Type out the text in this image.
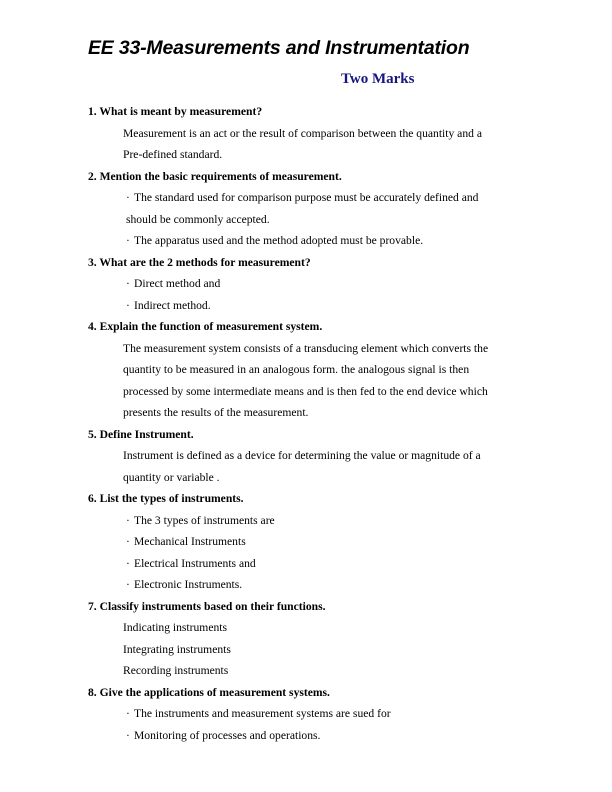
EE 33-Measurements and Instrumentation
Two Marks
1. What is meant by measurement?
Measurement is an act or the result of comparison between the quantity and a
Pre-defined standard.
2. Mention the basic requirements of measurement.
· The standard used for comparison purpose must be accurately defined and
should be commonly accepted.
· The apparatus used and the method adopted must be provable.
3. What are the 2 methods for measurement?
· Direct method and
· Indirect method.
4. Explain the function of measurement system.
The measurement system consists of a transducing element which converts the
quantity to be measured in an analogous form. the analogous signal is then
processed by some intermediate means and is then fed to the end device which
presents the results of the measurement.
5. Define Instrument.
Instrument is defined as a device for determining the value or magnitude of a
quantity or variable .
6. List the types of instruments.
· The 3 types of instruments are
· Mechanical Instruments
· Electrical Instruments and
· Electronic Instruments.
7. Classify instruments based on their functions.
Indicating instruments
Integrating instruments
Recording instruments
8. Give the applications of measurement systems.
· The instruments and measurement systems are sued for
· Monitoring of processes and operations.
